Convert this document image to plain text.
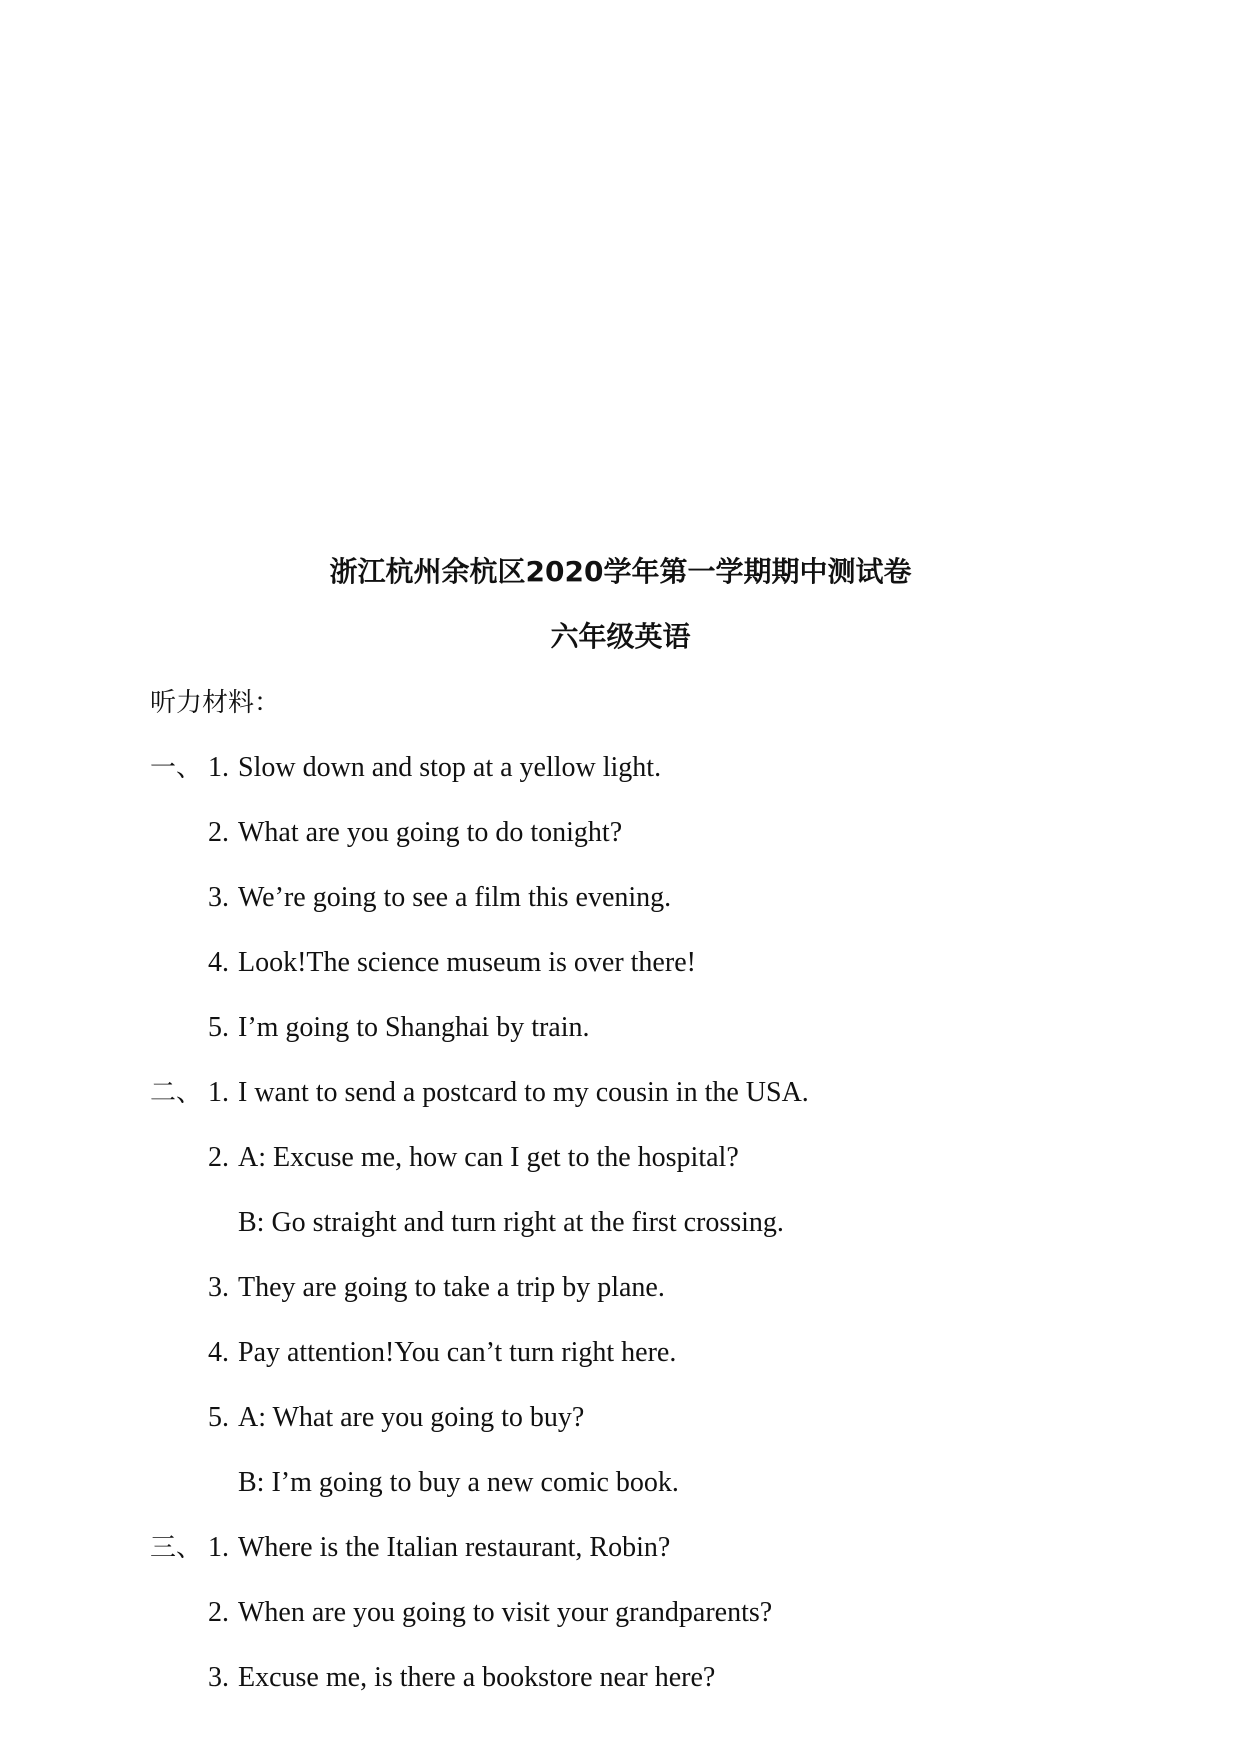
浙江杭州余杭区2020学年第一学期期中测试卷
六年级英语
听力材料：
一、 1. Slow down and stop at a yellow light.
2. What are you going to do tonight?
3. We’re going to see a film this evening.
4. Look!The science museum is over there!
5. I’m going to Shanghai by train.
二、 1. I want to send a postcard to my cousin in the USA.
2. A: Excuse me, how can I get to the hospital?
B: Go straight and turn right at the first crossing.
3. They are going to take a trip by plane.
4. Pay attention!You can’t turn right here.
5. A: What are you going to buy?
B: I’m going to buy a new comic book.
三、 1. Where is the Italian restaurant, Robin?
2. When are you going to visit your grandparents?
3. Excuse me, is there a bookstore near here?
